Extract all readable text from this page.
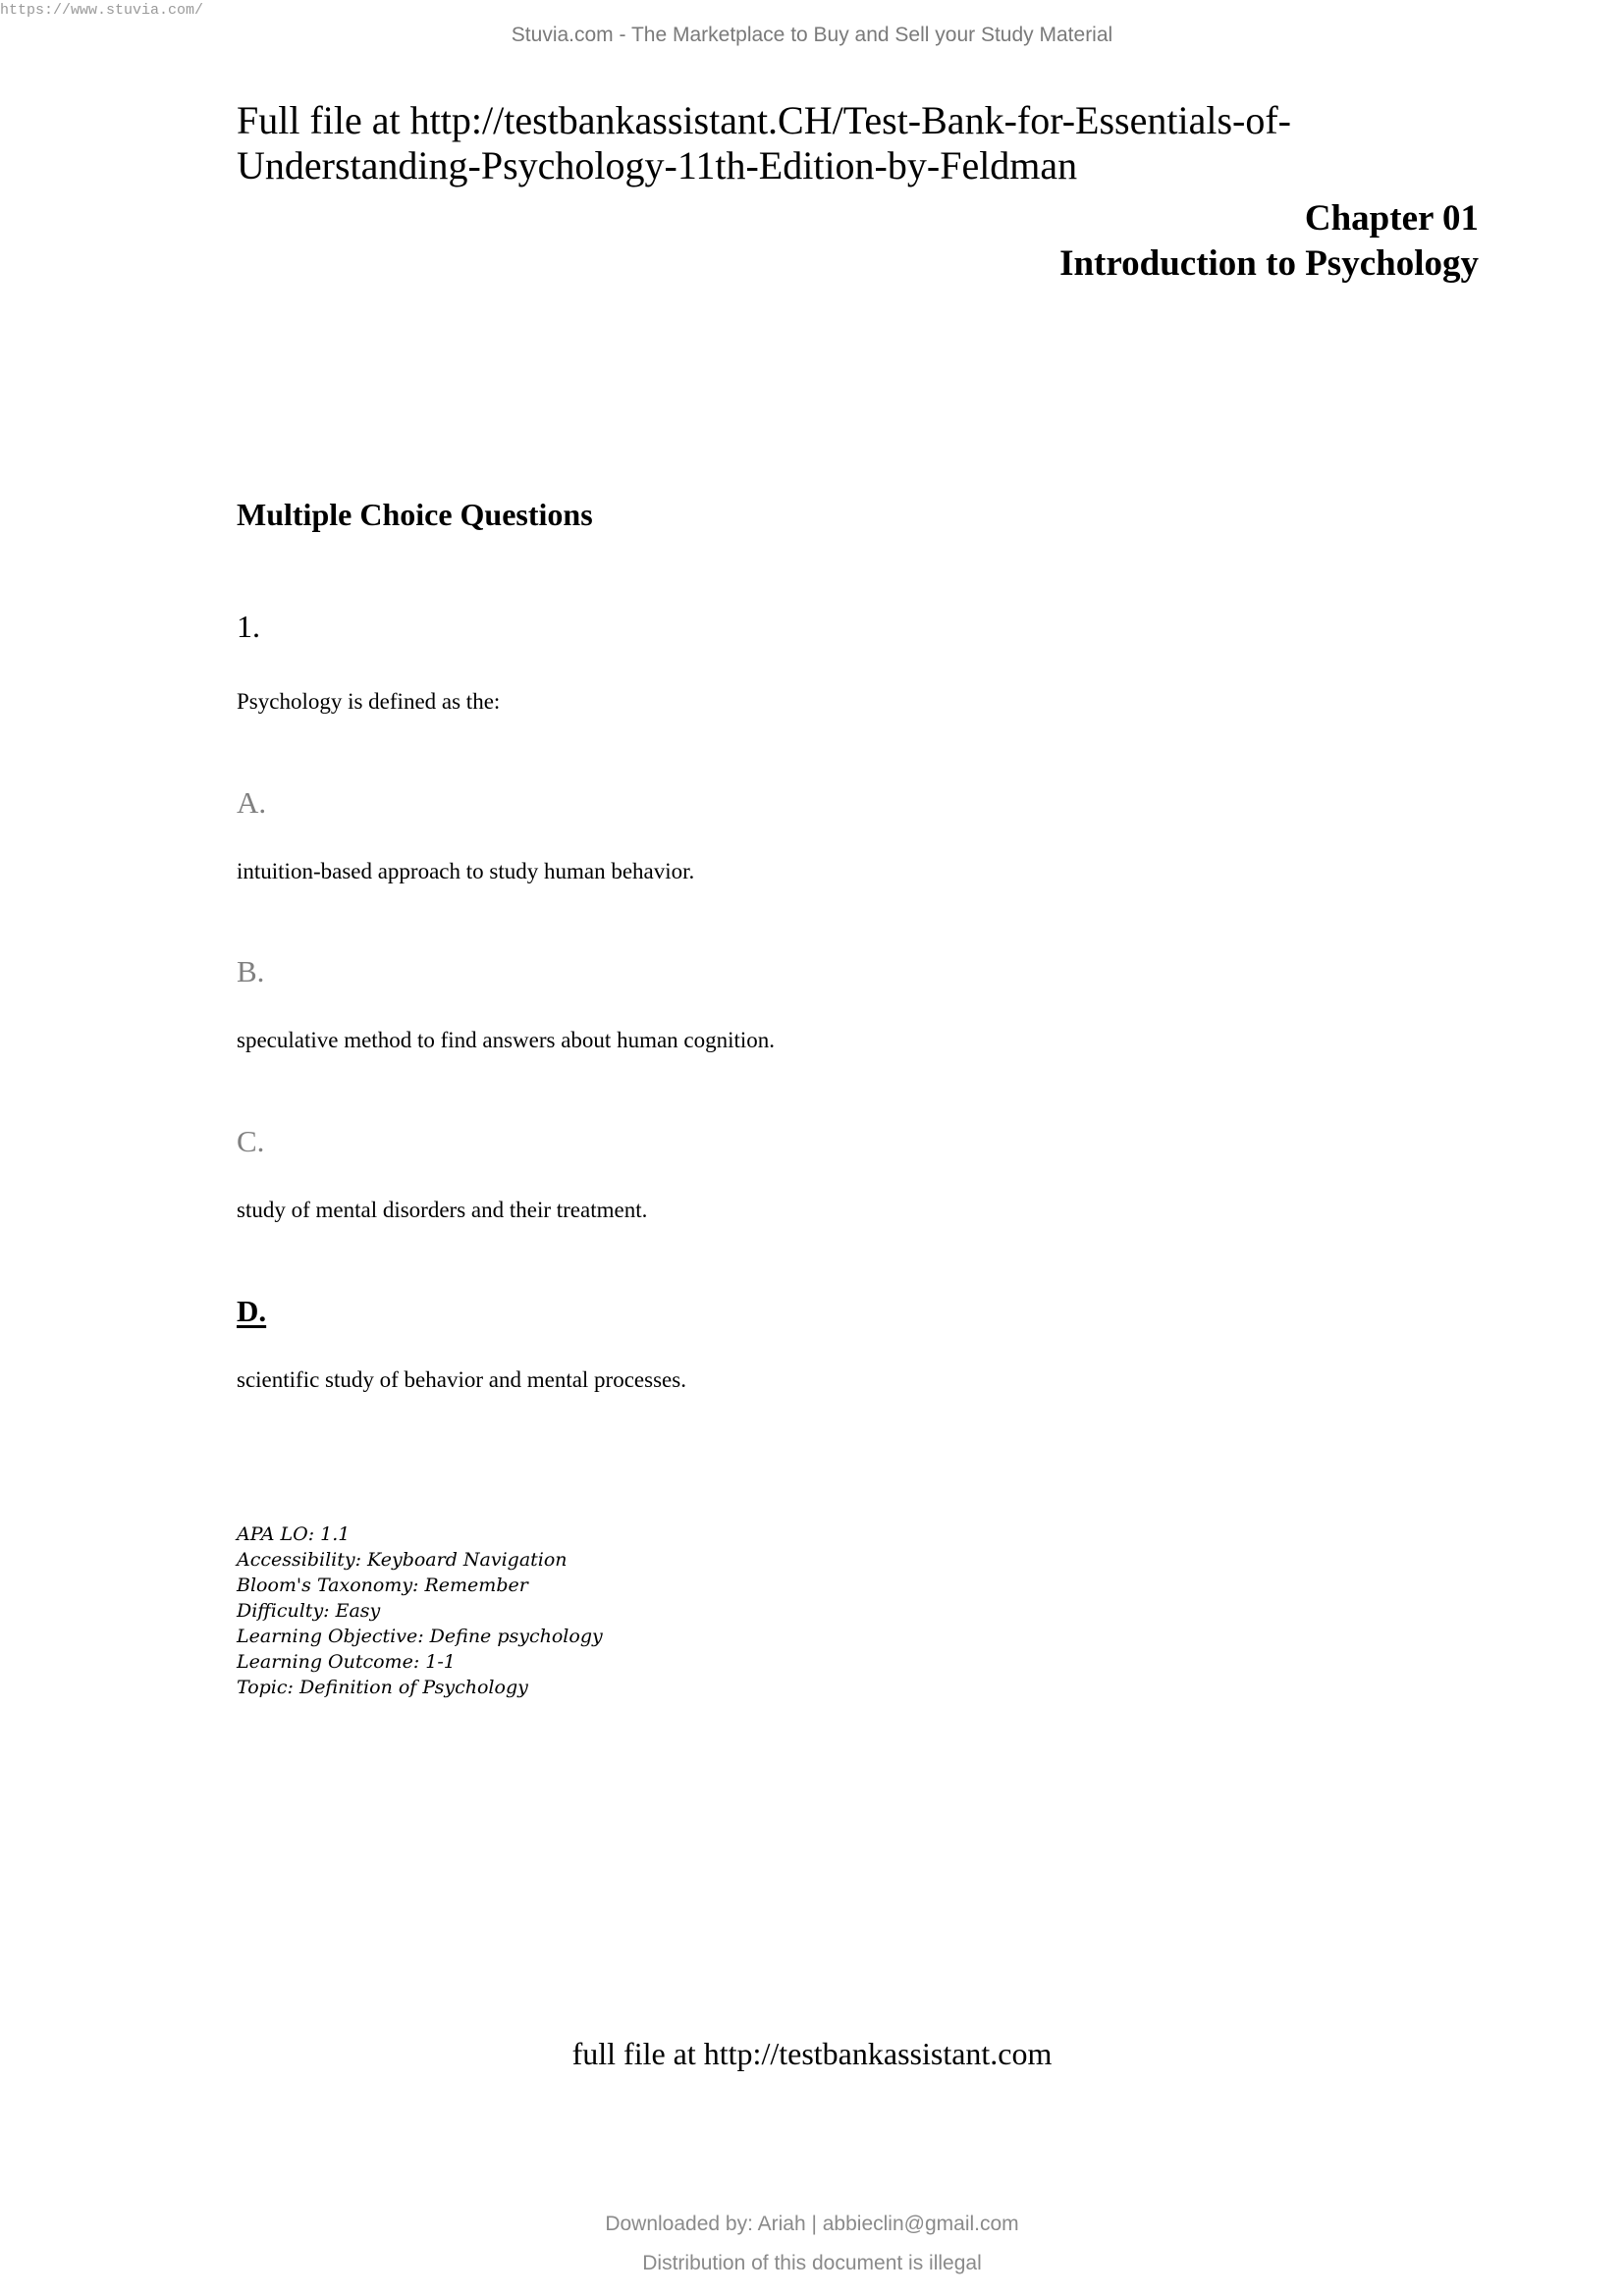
https://www.stuvia.com/
Stuvia.com - The Marketplace to Buy and Sell your Study Material
Full file at http://testbankassistant.CH/Test-Bank-for-Essentials-of-Understanding-Psychology-11th-Edition-by-Feldman
Chapter 01
Introduction to Psychology
Multiple Choice Questions
1.
Psychology is defined as the:
A.
intuition-based approach to study human behavior.
B.
speculative method to find answers about human cognition.
C.
study of mental disorders and their treatment.
D.
scientific study of behavior and mental processes.
APA LO: 1.1
Accessibility: Keyboard Navigation
Bloom's Taxonomy: Remember
Difficulty: Easy
Learning Objective: Define psychology
Learning Outcome: 1-1
Topic: Definition of Psychology
full file at http://testbankassistant.com
Downloaded by: Ariah | abbieclin@gmail.com
Distribution of this document is illegal
